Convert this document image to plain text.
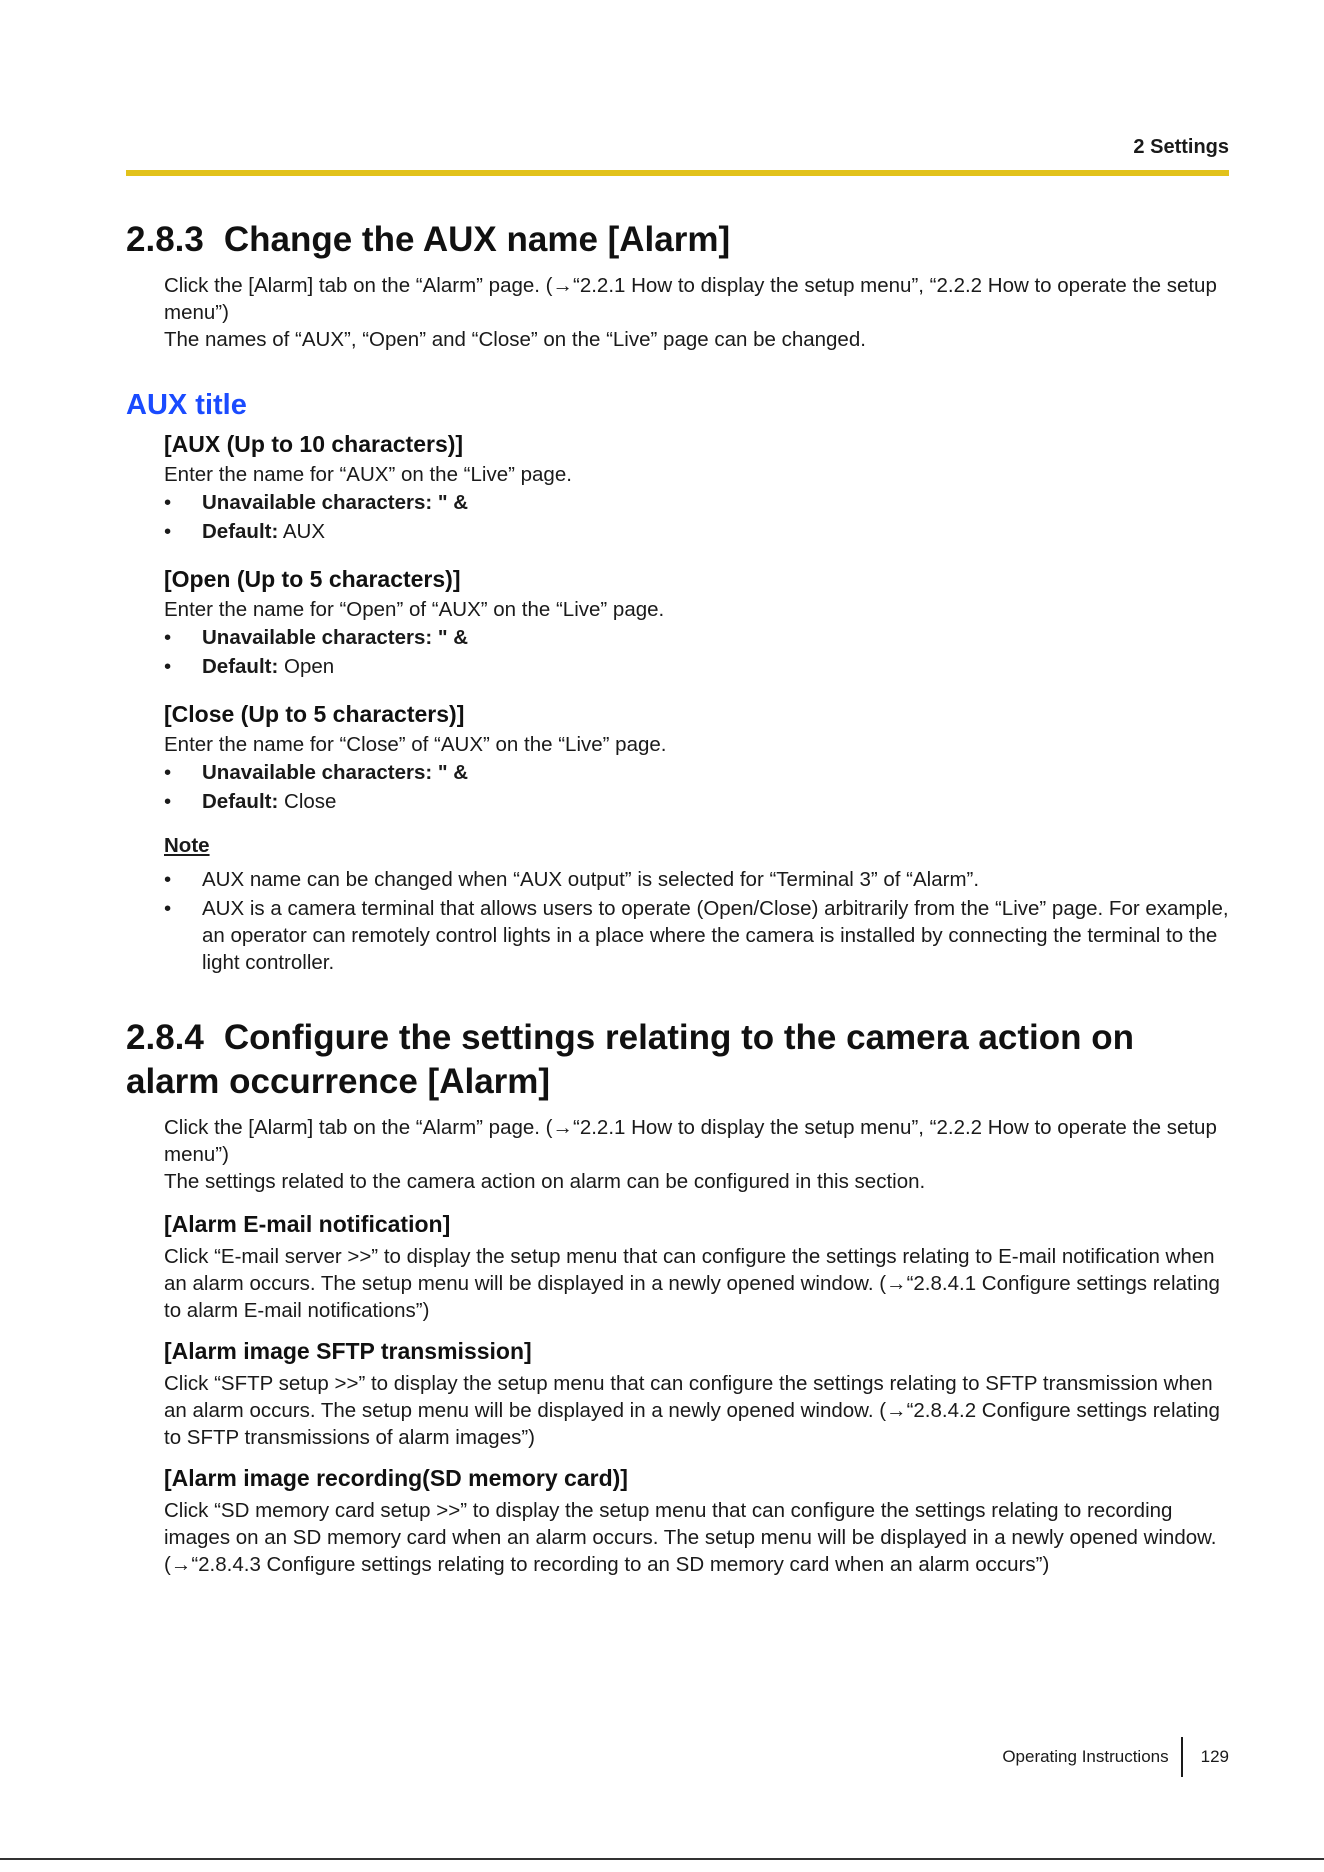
2 Settings
2.8.3 Change the AUX name [Alarm]

Click the [Alarm] tab on the “Alarm” page. (→“2.2.1 How to display the setup menu”, “2.2.2 How to operate the setup menu”)

The names of “AUX”, “Open” and “Close” on the “Live” page can be changed.

AUX title
[AUX (Up to 10 characters)]

Enter the name for “AUX” on the “Live” page.

• Unavailable characters: " &
• Default: AUX
[Open (Up to 5 characters)]

Enter the name for “Open” of “AUX” on the “Live” page.

• Unavailable characters: " &
• Default: Open
[Close (Up to 5 characters)]

Enter the name for “Close” of “AUX” on the “Live” page.

• Unavailable characters: " &
• Default: Close
Note
• AUX name can be changed when “AUX output” is selected for “Terminal 3” of “Alarm”.
• AUX is a camera terminal that allows users to operate (Open/Close) arbitrarily from the “Live” page. For example, an operator can remotely control lights in a place where the camera is installed by connecting the terminal to the light controller.
2.8.4 Configure the settings relating to the camera action on alarm occurrence [Alarm]

Click the [Alarm] tab on the “Alarm” page. (→“2.2.1 How to display the setup menu”, “2.2.2 How to operate the setup menu”)

The settings related to the camera action on alarm can be configured in this section.

[Alarm E-mail notification]

Click “E-mail server >>” to display the setup menu that can configure the settings relating to E-mail notification when an alarm occurs. The setup menu will be displayed in a newly opened window. (→“2.8.4.1 Configure settings relating to alarm E-mail notifications”)

[Alarm image SFTP transmission]

Click “SFTP setup >>” to display the setup menu that can configure the settings relating to SFTP transmission when an alarm occurs. The setup menu will be displayed in a newly opened window. (→“2.8.4.2 Configure settings relating to SFTP transmissions of alarm images”)

[Alarm image recording(SD memory card)]

Click “SD memory card setup >>” to display the setup menu that can configure the settings relating to recording images on an SD memory card when an alarm occurs. The setup menu will be displayed in a newly opened window. (→“2.8.4.3 Configure settings relating to recording to an SD memory card when an alarm occurs”)

Operating Instructions 129
